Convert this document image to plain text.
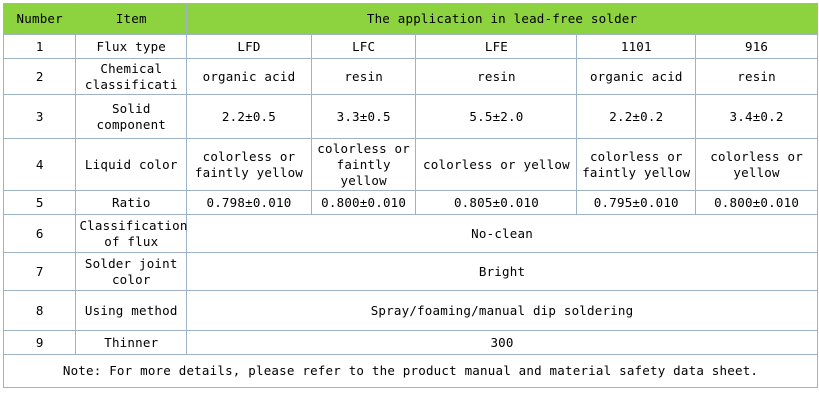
Number	Item	The application in lead-free solder				
1	Flux type	LFD	LFC	LFE	1101	916
2	Chemical classificati	organic acid	resin	resin	organic acid	resin
3	Solid component	2.2±0.5	3.3±0.5	5.5±2.0	2.2±0.2	3.4±0.2
4	Liquid color	colorless or faintly yellow	colorless or faintly yellow	colorless or yellow	colorless or faintly yellow	colorless or yellow
5	Ratio	0.798±0.010	0.800±0.010	0.805±0.010	0.795±0.010	0.800±0.010
6	Classification of flux	No-clean				
7	Solder joint color	Bright				
8	Using method	Spray/foaming/manual dip soldering				
9	Thinner	300				
Note: For more details, please refer to the product manual and material safety data sheet.						
